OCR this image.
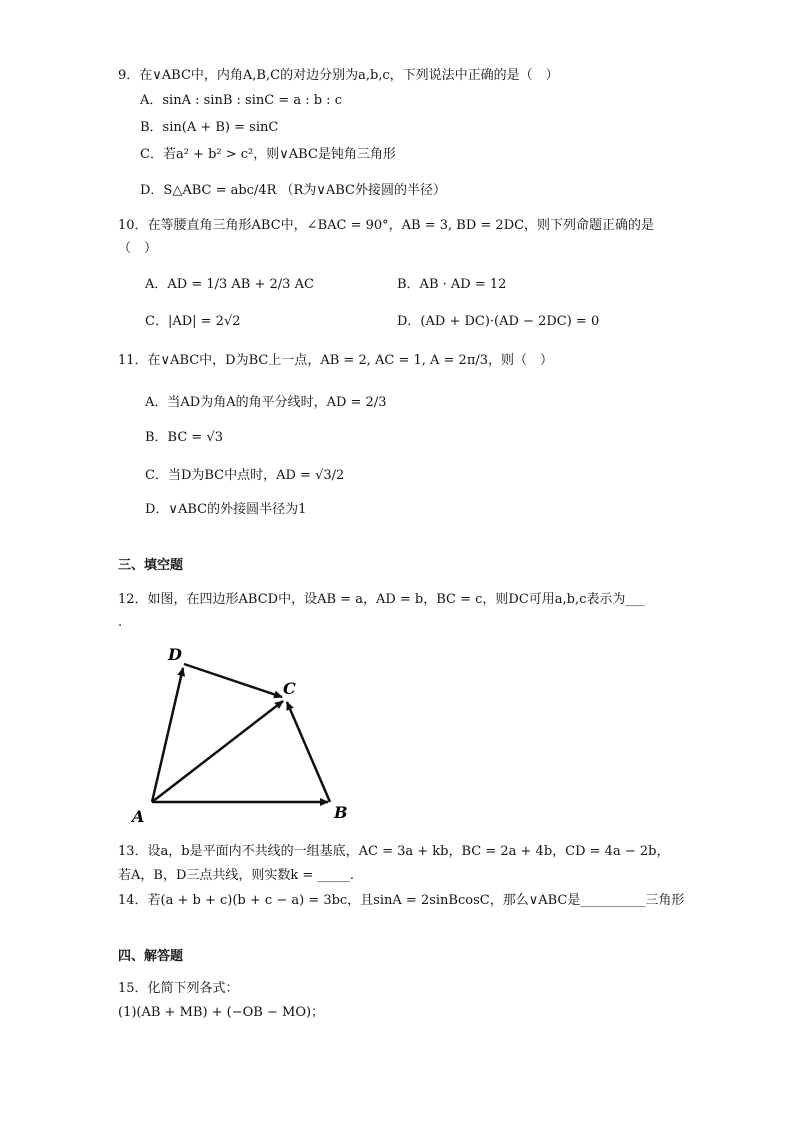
9．在∨ABC中，内角A,B,C的对边分别为a,b,c，下列说法中正确的是（　）
A．sinA : sinB : sinC = a : b : c
B．sin(A + B) = sinC
C．若a² + b² > c²，则∨ABC是钝角三角形
D．S△ABC = abc/4R （R为∨ABC外接圆的半径）
10．在等腰直角三角形ABC中，∠BAC = 90°，AB = 3, BD = 2DC，则下列命题正确的是
（　）
A．AD = 1/3 AB + 2/3 AC	B．AB · AD = 12
C．|AD| = 2√2	D．(AD + DC)·(AD − 2DC) = 0
11．在∨ABC中，D为BC上一点，AB = 2, AC = 1, A = 2π/3，则（　）
A．当AD为角A的角平分线时，AD = 2/3
B．BC = √3
C．当D为BC中点时，AD = √3/2
D．∨ABC的外接圆半径为1
三、填空题
12．如图，在四边形ABCD中，设AB = a，AD = b，BC = c，则DC可用a,b,c表示为___
.
A	B
C
D
13．设a，b是平面内不共线的一组基底，AC = 3a + kb，BC = 2a + 4b，CD = 4a − 2b，
若A，B，D三点共线，则实数k = _____.
14．若(a + b + c)(b + c − a) = 3bc，且sinA = 2sinBcosC，那么∨ABC是__________三角形
四、解答题
15．化简下列各式：
(1)(AB + MB) + (−OB − MO)；
